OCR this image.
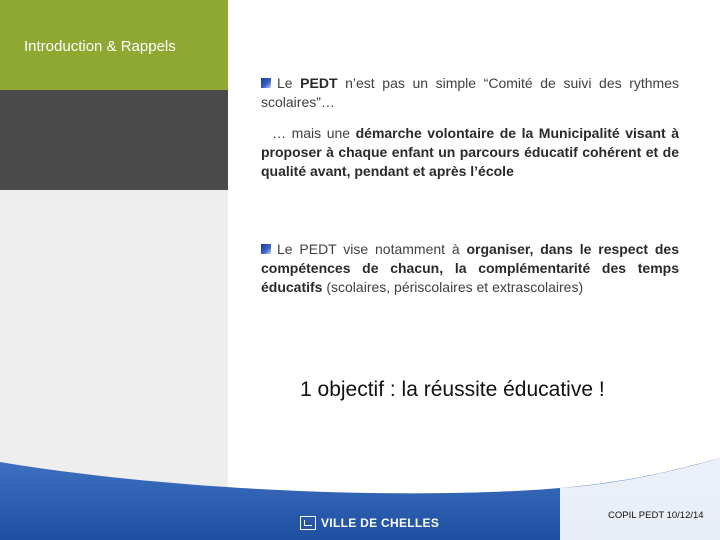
Introduction & Rappels

Le PEDT n’est pas un simple “Comité de suivi des rythmes scolaires”…

… mais une démarche volontaire de la Municipalité visant à proposer à chaque enfant un parcours éducatif cohérent et de qualité avant, pendant et après l’école

Le PEDT vise notamment à organiser, dans le respect des compétences de chacun, la complémentarité des temps éducatifs (scolaires, périscolaires et extrascolaires)

1 objectif : la réussite éducative !
VILLE DE CHELLES
COPIL PEDT 10/12/14
